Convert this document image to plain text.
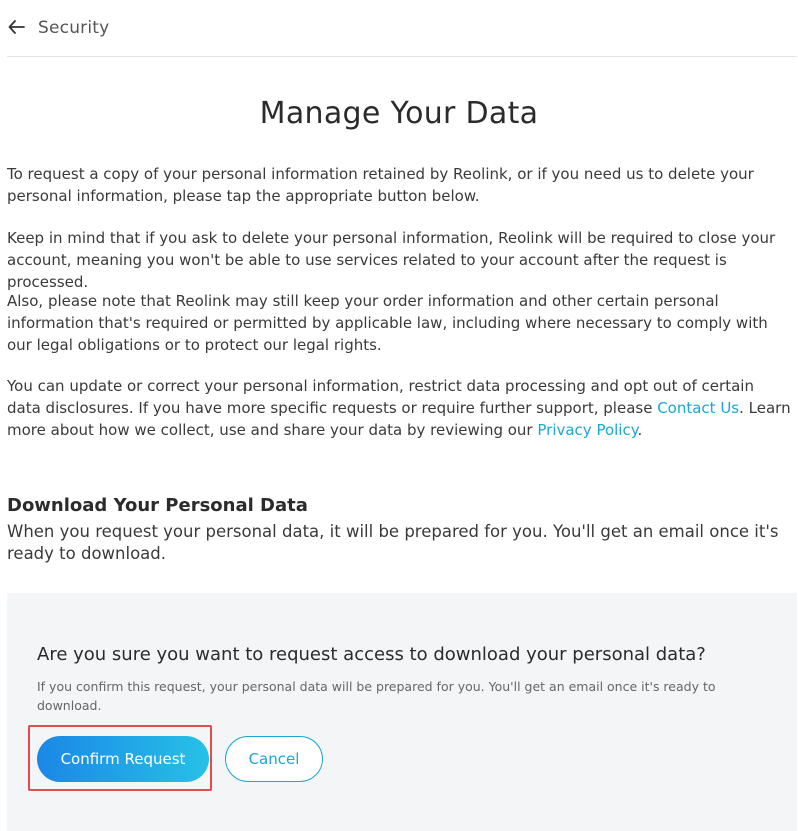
Security
Manage Your Data

To request a copy of your personal information retained by Reolink, or if you need us to delete your personal information, please tap the appropriate button below.

Keep in mind that if you ask to delete your personal information, Reolink will be required to close your account, meaning you won't be able to use services related to your account after the request is processed.

Also, please note that Reolink may still keep your order information and other certain personal information that's required or permitted by applicable law, including where necessary to comply with our legal obligations or to protect our legal rights.

You can update or correct your personal information, restrict data processing and opt out of certain data disclosures. If you have more specific requests or require further support, please Contact Us. Learn more about how we collect, use and share your data by reviewing our Privacy Policy.

Download Your Personal Data

When you request your personal data, it will be prepared for you. You'll get an email once it's ready to download.

Are you sure you want to request access to download your personal data?
If you confirm this request, your personal data will be prepared for you. You'll get an email once it's ready to download.
Confirm Request	Cancel
